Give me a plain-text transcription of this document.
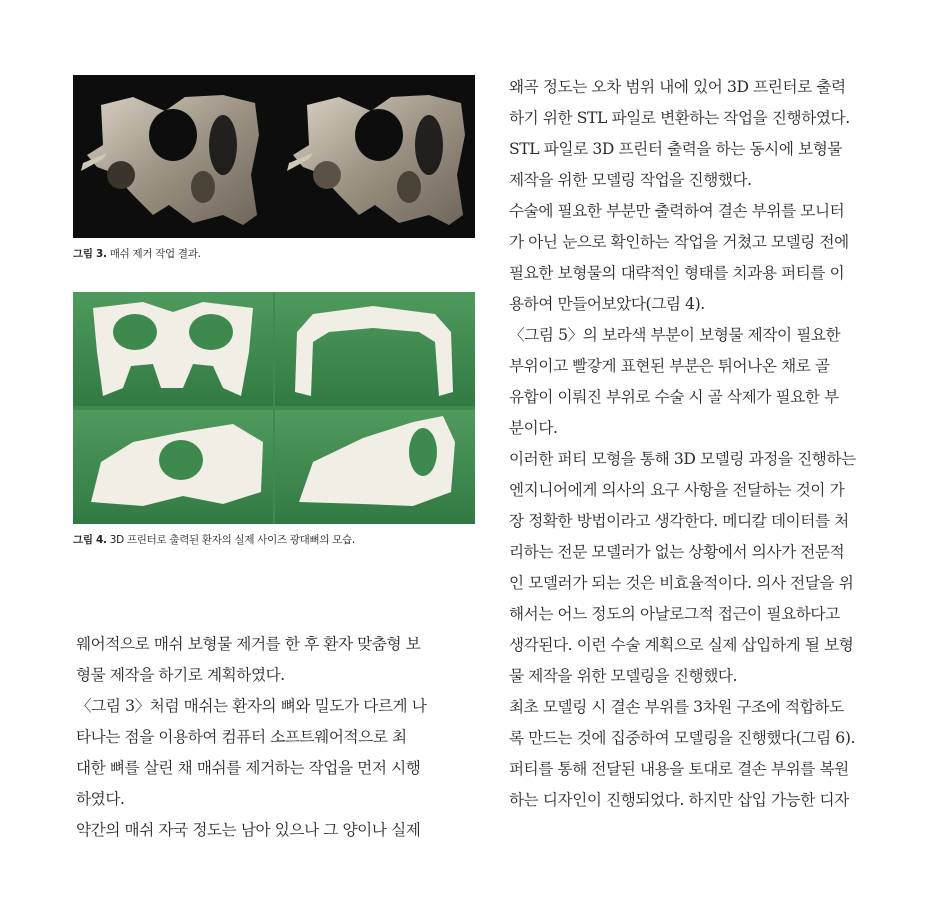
그림 3. 매쉬 제거 작업 결과.
그림 4. 3D 프린터로 출력된 환자의 실제 사이즈 광대뼈의 모습.

웨어적으로 매쉬 보형물 제거를 한 후 환자 맞춤형 보

형물 제작을 하기로 계획하였다.

〈그림 3〉처럼 매쉬는 환자의 뼈와 밀도가 다르게 나

타나는 점을 이용하여 컴퓨터 소프트웨어적으로 최

대한 뼈를 살린 채 매쉬를 제거하는 작업을 먼저 시행

하였다.

약간의 매쉬 자국 정도는 남아 있으나 그 양이나 실제

왜곡 정도는 오차 범위 내에 있어 3D 프린터로 출력

하기 위한 STL 파일로 변환하는 작업을 진행하였다.

STL 파일로 3D 프린터 출력을 하는 동시에 보형물

제작을 위한 모델링 작업을 진행했다.

수술에 필요한 부분만 출력하여 결손 부위를 모니터

가 아닌 눈으로 확인하는 작업을 거쳤고 모델링 전에

필요한 보형물의 대략적인 형태를 치과용 퍼티를 이

용하여 만들어보았다(그림 4).

〈그림 5〉의 보라색 부분이 보형물 제작이 필요한

부위이고 빨갛게 표현된 부분은 튀어나온 채로 골

유합이 이뤄진 부위로 수술 시 골 삭제가 필요한 부

분이다.

이러한 퍼티 모형을 통해 3D 모델링 과정을 진행하는

엔지니어에게 의사의 요구 사항을 전달하는 것이 가

장 정확한 방법이라고 생각한다. 메디칼 데이터를 처

리하는 전문 모델러가 없는 상황에서 의사가 전문적

인 모델러가 되는 것은 비효율적이다. 의사 전달을 위

해서는 어느 정도의 아날로그적 접근이 필요하다고

생각된다. 이런 수술 계획으로 실제 삽입하게 될 보형

물 제작을 위한 모델링을 진행했다.

최초 모델링 시 결손 부위를 3차원 구조에 적합하도

록 만드는 것에 집중하여 모델링을 진행했다(그림 6).

퍼티를 통해 전달된 내용을 토대로 결손 부위를 복원

하는 디자인이 진행되었다. 하지만 삽입 가능한 디자
